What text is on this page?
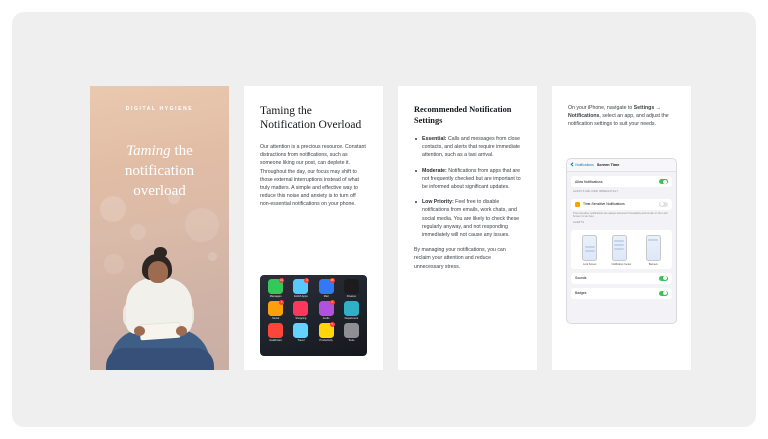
DIGITAL HYGIENE
Taming the
notification
overload
Taming the Notification Overload

Our attention is a precious resource. Constant distractions from notifications, such as someone liking our post, can deplete it. Throughout the day, our focus may shift to those external interruptions instead of what truly matters. A simple and effective way to reduce this noise and anxiety is to turn off non-essential notifications on your phone.

12
Messages
3
ELIZA Apps
48
Mail	Finance
9
Social	Shopping
2
Audio	Department
Healthcare	Travel
5
Productivity	Tools
Recommended Notification Settings
Essential: Calls and messages from close contacts, and alerts that require immediate attention, such as a taxi arrival.
Moderate: Notifications from apps that are not frequently checked but are important to be informed about significant updates.
Low Priority: Feel free to disable notifications from emails, work chats, and social media. You are likely to check these regularly anyway, and not responding immediately will not cause any issues.

By managing your notifications, you can reclaim your attention and reduce unnecessary stress.

On your iPhone, navigate to Settings → Notifications, select an app, and adjust the notification settings to suit your needs.

Notifications Screen Time
Allow Notifications
ALWAYS DELIVER IMMEDIATELY
Time-Sensitive Notifications
Time-Sensitive notifications are always delivered immediately and remain on the Lock Screen for an hour.
ALERTS
Lock Screen	Notification Center	Banners
Sounds
Badges
